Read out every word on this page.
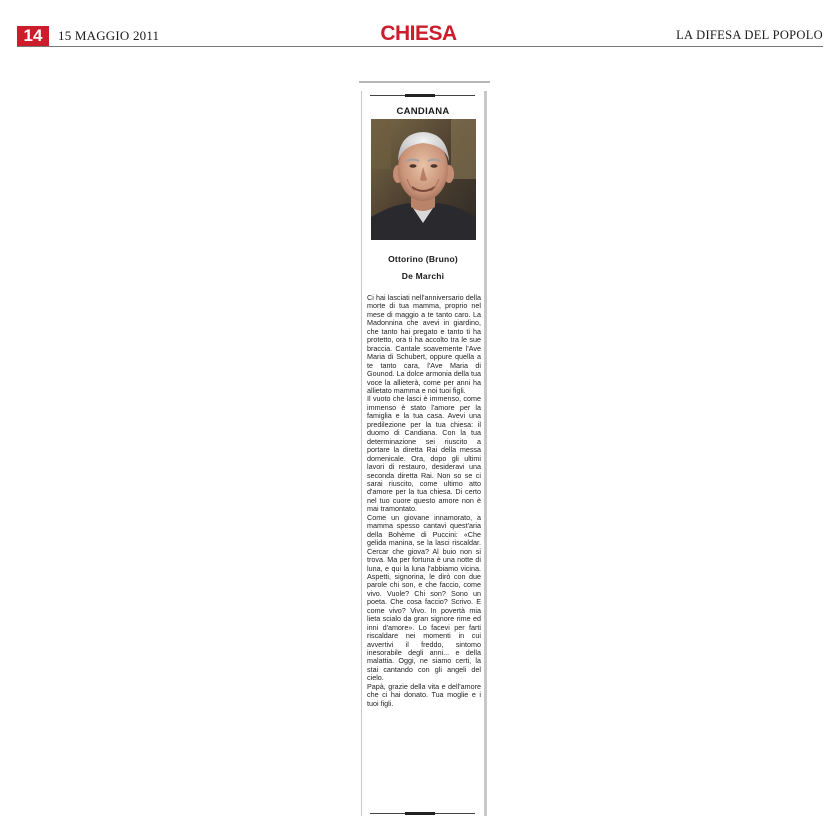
14	15 MAGGIO 2011	CHIESA	LA DIFESA DEL POPOLO
CANDIANA
Ottorino (Bruno)
De Marchi

Ci hai lasciati nell'anniversario della morte di tua mamma, proprio nel mese di maggio a te tanto caro. La Madonnina che avevi in giardino, che tanto hai pregato e tanto ti ha protetto, ora ti ha accolto tra le sue braccia. Cantale soavemente l'Ave Maria di Schubert, oppure quella a te tanto cara, l'Ave Maria di Gounod. La dolce armonia della tua voce la allieterà, come per anni ha allietato mamma e noi tuoi figli.

Il vuoto che lasci è immenso, come immenso è stato l'amore per la famiglia e la tua casa. Avevi una predilezione per la tua chiesa: il duomo di Candiana. Con la tua determinazione sei riuscito a portare la diretta Rai della messa domenicale. Ora, dopo gli ultimi lavori di restauro, desideravi una seconda diretta Rai. Non so se ci sarai riuscito, come ultimo atto d'amore per la tua chiesa. Di certo nel tuo cuore questo amore non è mai tramontato.

Come un giovane innamorato, a mamma spesso cantavi quest'aria della Bohème di Puccini: «Che gelida manina, se la lasci riscaldar. Cercar che giova? Al buio non si trova. Ma per fortuna è una notte di luna, e qui la luna l'abbiamo vicina. Aspetti, signorina, le dirò con due parole chi son, e che faccio, come vivo. Vuole? Chi son? Sono un poeta. Che cosa faccio? Scrivo. E come vivo? Vivo. In povertà mia lieta scialo da gran signore rime ed inni d'amore». Lo facevi per farti riscaldare nei momenti in cui avvertivi il freddo, sintomo inesorabile degli anni... e della malattia. Oggi, ne siamo certi, la stai cantando con gli angeli del cielo.

Papà, grazie della vita e dell'amore che ci hai donato. Tua moglie e i tuoi figli.
